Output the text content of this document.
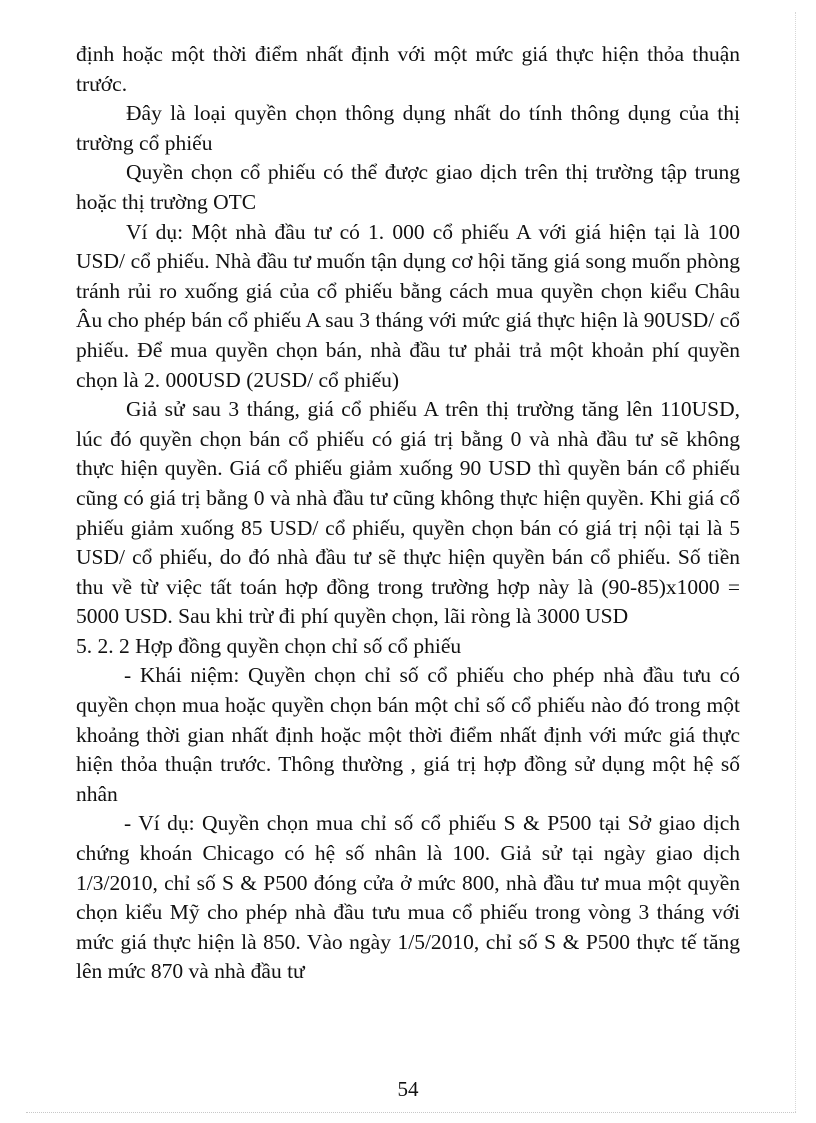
định hoặc một thời điểm nhất định với một mức giá thực hiện thỏa thuận trước.

Đây là loại quyền chọn thông dụng nhất do tính thông dụng của thị trường cổ phiếu

Quyền chọn cổ phiếu có thể được giao dịch trên thị trường tập trung hoặc thị trường OTC

Ví dụ: Một nhà đầu tư có 1. 000 cổ phiếu A với giá hiện tại là 100 USD/ cổ phiếu. Nhà đầu tư muốn tận dụng cơ hội tăng giá song muốn phòng tránh rủi ro xuống giá của cổ phiếu bằng cách mua quyền chọn kiểu Châu Âu cho phép bán cổ phiếu A sau 3 tháng với mức giá thực hiện là 90USD/ cổ phiếu. Để mua quyền chọn bán, nhà đầu tư phải trả một khoản phí quyền chọn là 2. 000USD (2USD/ cổ phiếu)

Giả sử sau 3 tháng, giá cổ phiếu A trên thị trường tăng lên 110USD, lúc đó quyền chọn bán cổ phiếu có giá trị bằng 0 và nhà đầu tư sẽ không thực hiện quyền. Giá cổ phiếu giảm xuống 90 USD thì quyền bán cổ phiếu cũng có giá trị bằng 0 và nhà đầu tư cũng không thực hiện quyền. Khi giá cổ phiếu giảm xuống 85 USD/ cổ phiếu, quyền chọn bán có giá trị nội tại là 5 USD/ cổ phiếu, do đó nhà đầu tư sẽ thực hiện quyền bán cổ phiếu. Số tiền thu về từ việc tất toán hợp đồng trong trường hợp này là (90-85)x1000 = 5000 USD. Sau khi trừ đi phí quyền chọn, lãi ròng là 3000 USD

5. 2. 2 Hợp đồng quyền chọn chỉ số cổ phiếu

- Khái niệm: Quyền chọn chỉ số cổ phiếu cho phép nhà đầu tưu có quyền chọn mua hoặc quyền chọn bán một chỉ số cổ phiếu nào đó trong một khoảng thời gian nhất định hoặc một thời điểm nhất định với mức giá thực hiện thỏa thuận trước. Thông thường , giá trị hợp đồng sử dụng một hệ số nhân

- Ví dụ: Quyền chọn mua chỉ số cổ phiếu S & P500 tại Sở giao dịch chứng khoán Chicago có hệ số nhân là 100. Giả sử tại ngày giao dịch 1/3/2010, chỉ số S & P500 đóng cửa ở mức 800, nhà đầu tư mua một quyền chọn kiểu Mỹ cho phép nhà đầu tưu mua cổ phiếu trong vòng 3 tháng với mức giá thực hiện là 850. Vào ngày 1/5/2010, chỉ số S & P500 thực tế tăng lên mức 870 và nhà đầu tư

54
